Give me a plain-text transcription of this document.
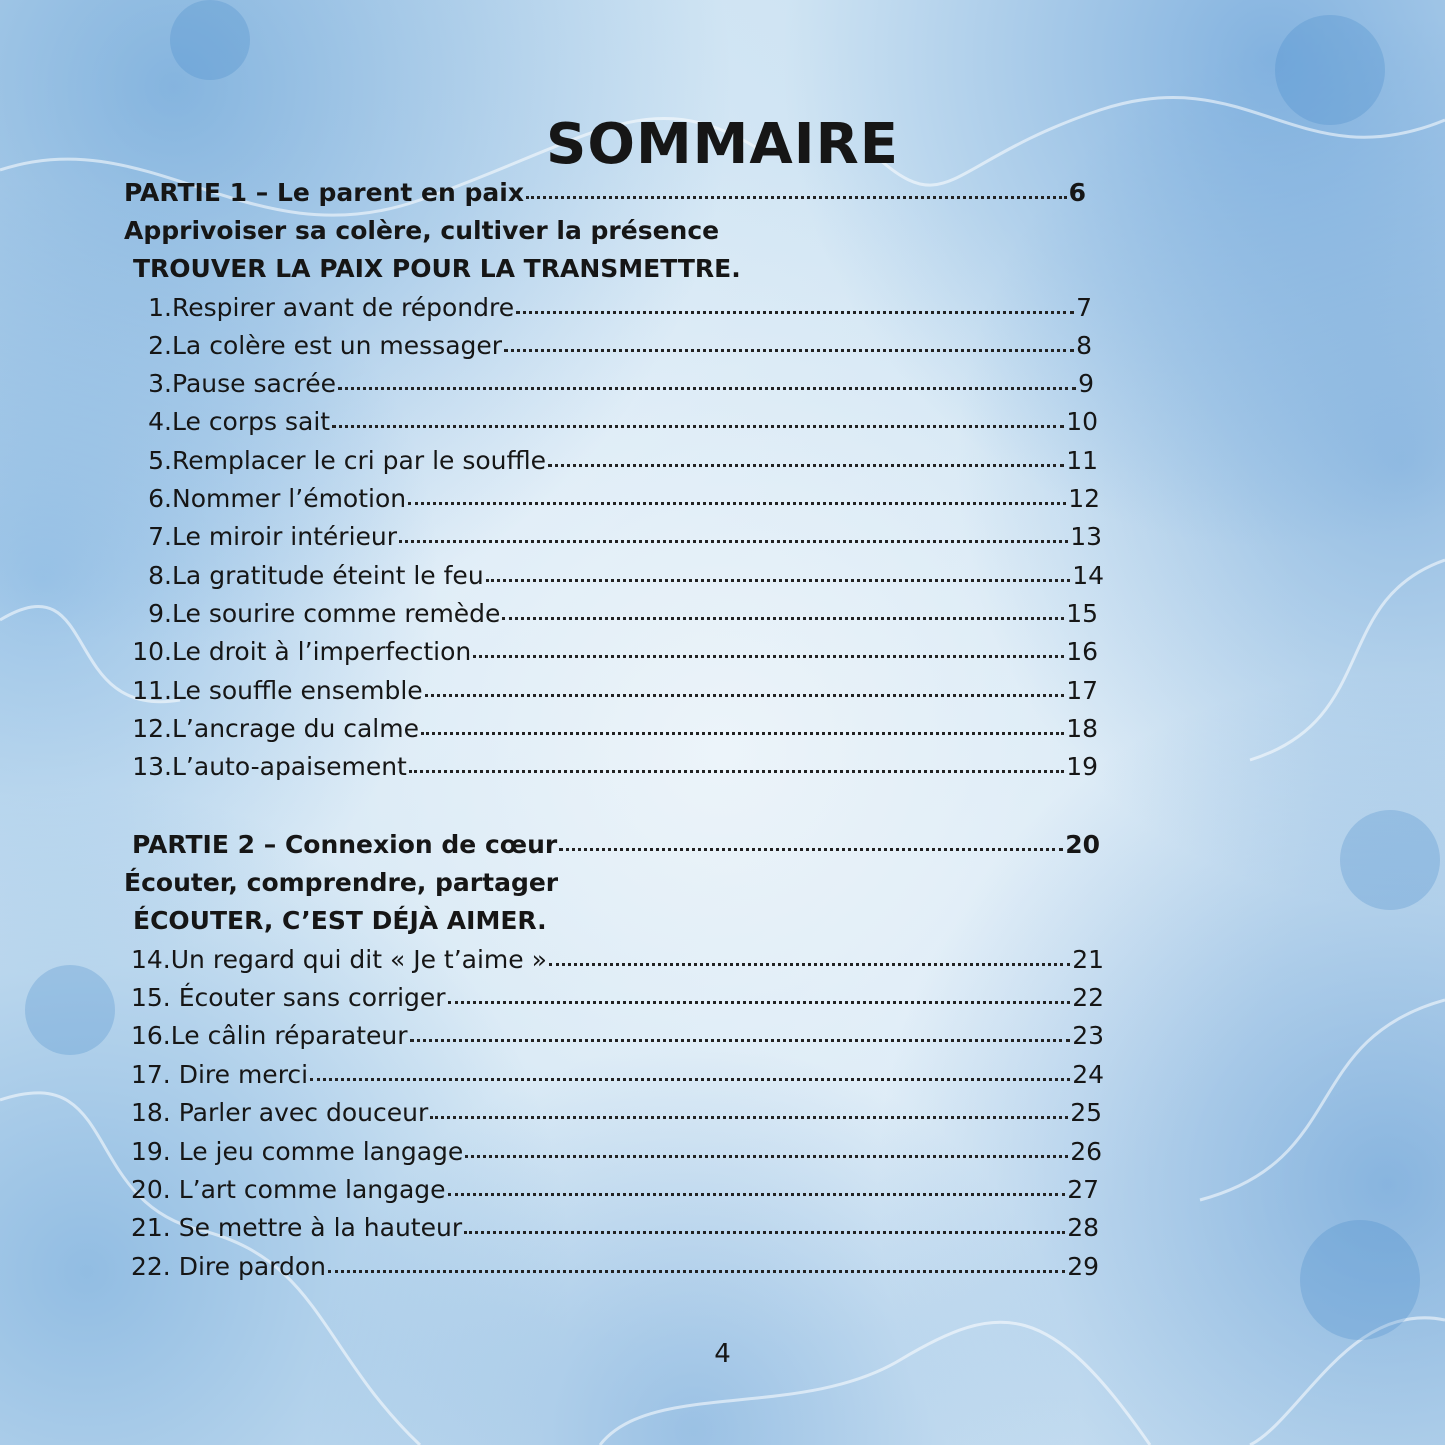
SOMMAIRE
PARTIE 1 – Le parent en paix	6
Apprivoiser sa colère, cultiver la présence
TROUVER LA PAIX POUR LA TRANSMETTRE.
1. Respirer avant de répondre	7
2. La colère est un messager	8
3. Pause sacrée	9
4. Le corps sait	10
5. Remplacer le cri par le souffle	11
6. Nommer l’émotion	12
7. Le miroir intérieur	13
8. La gratitude éteint le feu	14
9. Le sourire comme remède	15
10. Le droit à l’imperfection	16
11. Le souffle ensemble	17
12. L’ancrage du calme	18
13. L’auto-apaisement	19
PARTIE 2 – Connexion de cœur	20
Écouter, comprendre, partager
ÉCOUTER, C’EST DÉJÀ AIMER.
14.Un regard qui dit « Je t’aime »	21
15. Écouter sans corriger	22
16.Le câlin réparateur	23
17. Dire merci	24
18. Parler avec douceur	25
19. Le jeu comme langage	26
20. L’art comme langage	27
21. Se mettre à la hauteur	28
22. Dire pardon	29
4
